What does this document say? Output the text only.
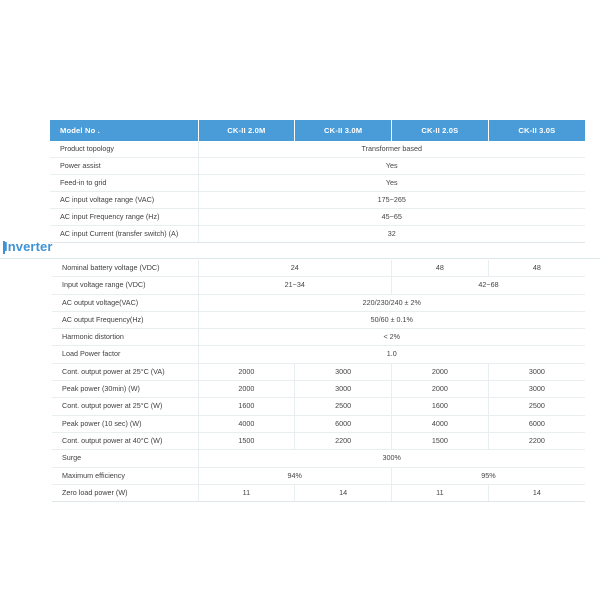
Model No .	CK-II 2.0M	CK-II 3.0M	CK-II 2.0S	CK-II 3.0S
Product topology	Transformer based			
Power assist	Yes			
Feed-in to grid	Yes			
AC input voltage range (VAC)	175~265			
AC input Frequency range (Hz)	45~65			
AC input Current (transfer switch) (A)	32			
Inverter
Nominal battery voltage (VDC)	24		48	48
Input voltage range (VDC)	21~34		42~68	
AC output voltage(VAC)	220/230/240 ± 2%			
AC output Frequency(Hz)	50/60 ± 0.1%			
Harmonic distortion	< 2%			
Load Power factor	1.0			
Cont. output power at 25°C (VA)	2000	3000	2000	3000
Peak power (30min) (W)	2000	3000	2000	3000
Cont. output power at 25°C (W)	1600	2500	1600	2500
Peak power (10 sec) (W)	4000	6000	4000	6000
Cont. output power at 40°C (W)	1500	2200	1500	2200
Surge	300%			
Maximum efficiency	94%		95%	
Zero load power (W)	11	14	11	14
